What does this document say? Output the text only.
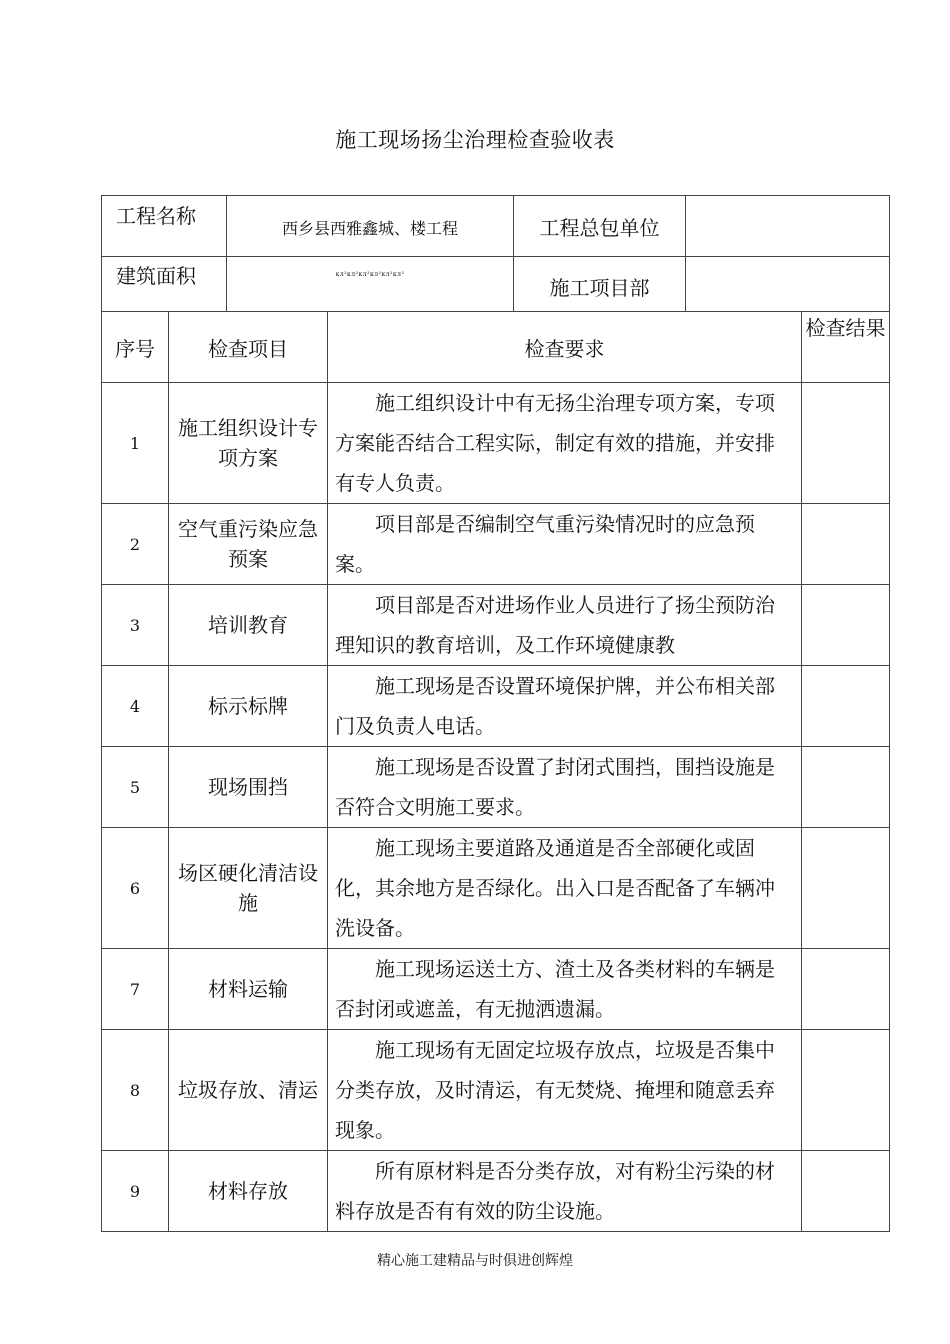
施工现场扬尘治理检查验收表
工程名称		西乡县西雅鑫城、楼工程		工程总包单位		
建筑面积		кл²кл²кл²кл²кл²кл²		施工项目部		
序号	检查项目		检查要求			检查结果
1	施工组织设计专项方案		施工组织设计中有无扬尘治理专项方案，专项方案能否结合工程实际，制定有效的措施，并安排有专人负责。			
2	空气重污染应急预案		项目部是否编制空气重污染情况时的应急预案。			
3	培训教育		项目部是否对进场作业人员进行了扬尘预防治理知识的教育培训，及工作环境健康教			
4	标示标牌		施工现场是否设置环境保护牌，并公布相关部门及负责人电话。			
5	现场围挡		施工现场是否设置了封闭式围挡，围挡设施是否符合文明施工要求。			
6	场区硬化清洁设施		施工现场主要道路及通道是否全部硬化或固化，其余地方是否绿化。出入口是否配备了车辆冲洗设备。			
7	材料运输		施工现场运送土方、渣土及各类材料的车辆是否封闭或遮盖，有无抛洒遗漏。			
8	垃圾存放、清运		施工现场有无固定垃圾存放点，垃圾是否集中分类存放，及时清运，有无焚烧、掩埋和随意丢弃现象。			
9	材料存放		所有原材料是否分类存放，对有粉尘污染的材料存放是否有有效的防尘设施。			
精心施工建精品与时俱进创辉煌
